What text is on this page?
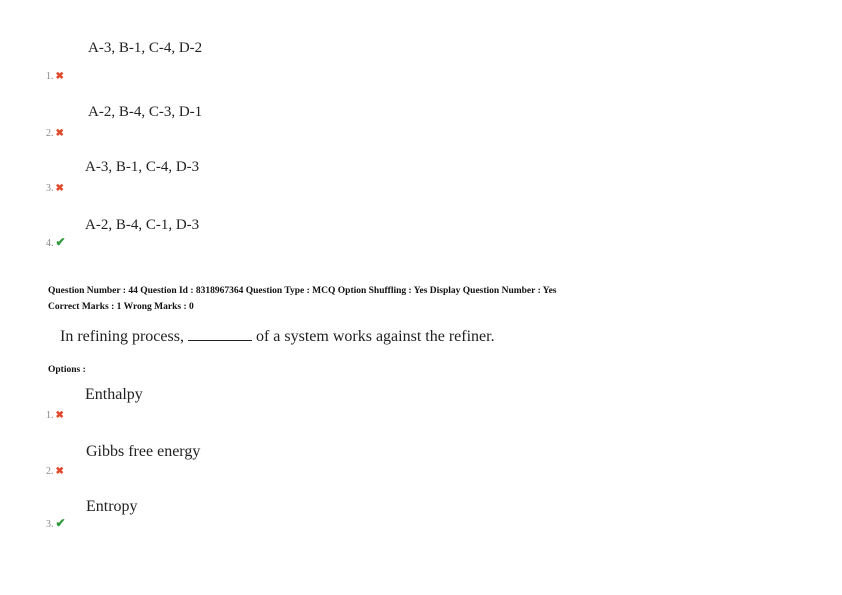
A-3, B-1, C-4, D-2
1. ✖
A-2, B-4, C-3, D-1
2. ✖
A-3, B-1, C-4, D-3
3. ✖
A-2, B-4, C-1, D-3
4. ✔
Question Number : 44 Question Id : 8318967364 Question Type : MCQ Option Shuffling : Yes Display Question Number : Yes
Correct Marks : 1 Wrong Marks : 0
In refining process,	of a system works against the refiner.
Options :
Enthalpy
1. ✖
Gibbs free energy
2. ✖
Entropy
3. ✔
